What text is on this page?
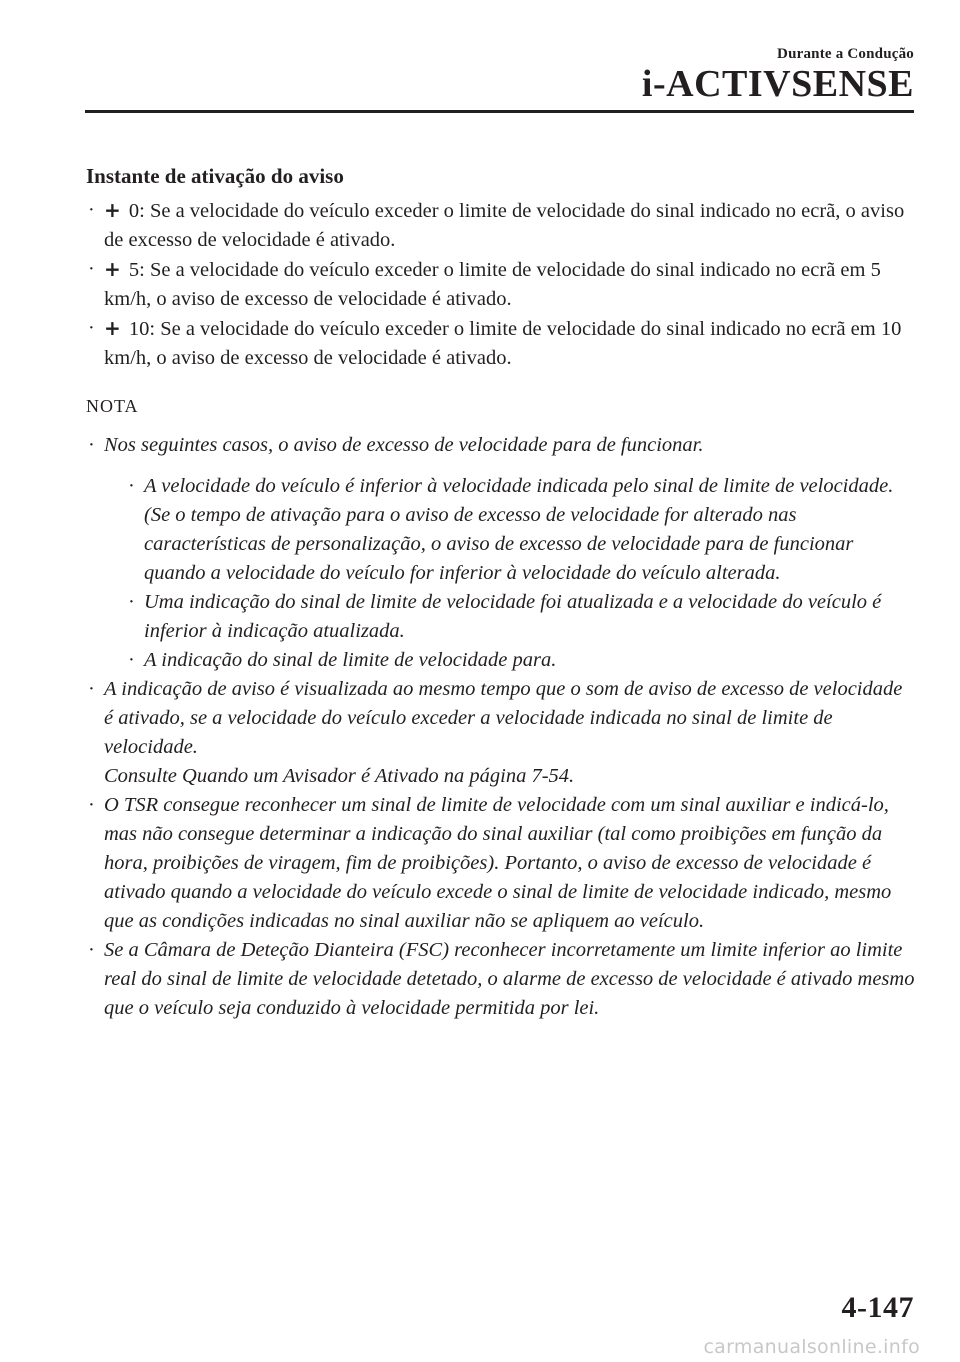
Durante a Condução
i-ACTIVSENSE
Instante de ativação do aviso
· + 0: Se a velocidade do veículo exceder o limite de velocidade do sinal indicado no ecrã, o aviso de excesso de velocidade é ativado.
· + 5: Se a velocidade do veículo exceder o limite de velocidade do sinal indicado no ecrã em 5 km/h, o aviso de excesso de velocidade é ativado.
· + 10: Se a velocidade do veículo exceder o limite de velocidade do sinal indicado no ecrã em 10 km/h, o aviso de excesso de velocidade é ativado.
NOTA
· Nos seguintes casos, o aviso de excesso de velocidade para de funcionar.
· A velocidade do veículo é inferior à velocidade indicada pelo sinal de limite de velocidade. (Se o tempo de ativação para o aviso de excesso de velocidade for alterado nas características de personalização, o aviso de excesso de velocidade para de funcionar quando a velocidade do veículo for inferior à velocidade do veículo alterada.
· Uma indicação do sinal de limite de velocidade foi atualizada e a velocidade do veículo é inferior à indicação atualizada.
· A indicação do sinal de limite de velocidade para.
· A indicação de aviso é visualizada ao mesmo tempo que o som de aviso de excesso de velocidade é ativado, se a velocidade do veículo exceder a velocidade indicada no sinal de limite de velocidade.
Consulte Quando um Avisador é Ativado na página 7-54.
· O TSR consegue reconhecer um sinal de limite de velocidade com um sinal auxiliar e indicá-lo, mas não consegue determinar a indicação do sinal auxiliar (tal como proibições em função da hora, proibições de viragem, fim de proibições). Portanto, o aviso de excesso de velocidade é ativado quando a velocidade do veículo excede o sinal de limite de velocidade indicado, mesmo que as condições indicadas no sinal auxiliar não se apliquem ao veículo.
· Se a Câmara de Deteção Dianteira (FSC) reconhecer incorretamente um limite inferior ao limite real do sinal de limite de velocidade detetado, o alarme de excesso de velocidade é ativado mesmo que o veículo seja conduzido à velocidade permitida por lei.
4-147
carmanualsonline.info
